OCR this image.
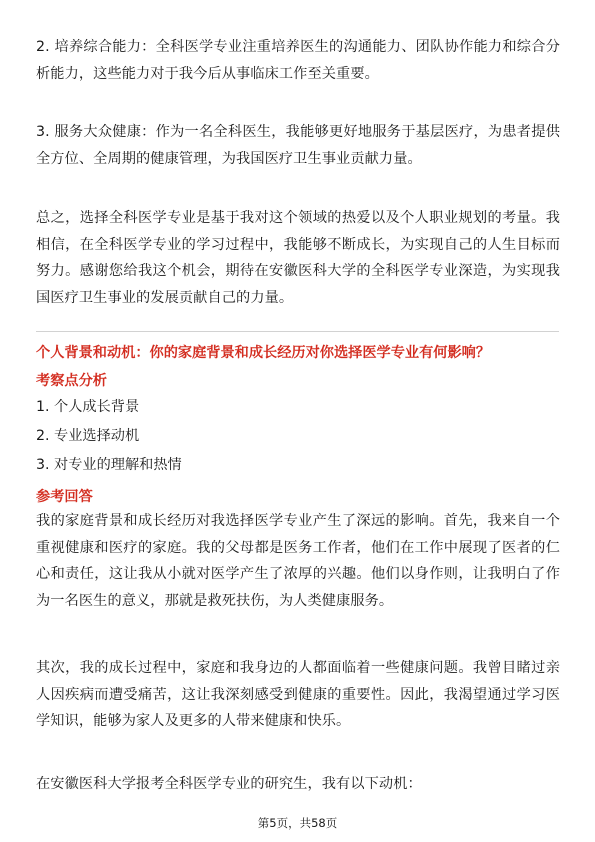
2. 培养综合能力：全科医学专业注重培养医生的沟通能力、团队协作能力和综合分析能力，这些能力对于我今后从事临床工作至关重要。

3. 服务大众健康：作为一名全科医生，我能够更好地服务于基层医疗，为患者提供全方位、全周期的健康管理，为我国医疗卫生事业贡献力量。

总之，选择全科医学专业是基于我对这个领域的热爱以及个人职业规划的考量。我相信，在全科医学专业的学习过程中，我能够不断成长，为实现自己的人生目标而努力。感谢您给我这个机会，期待在安徽医科大学的全科医学专业深造，为实现我国医疗卫生事业的发展贡献自己的力量。

个人背景和动机：你的家庭背景和成长经历对你选择医学专业有何影响？

考察点分析

1. 个人成长背景

2. 专业选择动机

3. 对专业的理解和热情

参考回答

我的家庭背景和成长经历对我选择医学专业产生了深远的影响。首先，我来自一个重视健康和医疗的家庭。我的父母都是医务工作者，他们在工作中展现了医者的仁心和责任，这让我从小就对医学产生了浓厚的兴趣。他们以身作则，让我明白了作为一名医生的意义，那就是救死扶伤，为人类健康服务。

其次，我的成长过程中，家庭和我身边的人都面临着一些健康问题。我曾目睹过亲人因疾病而遭受痛苦，这让我深刻感受到健康的重要性。因此，我渴望通过学习医学知识，能够为家人及更多的人带来健康和快乐。

在安徽医科大学报考全科医学专业的研究生，我有以下动机：

第5页，共58页
